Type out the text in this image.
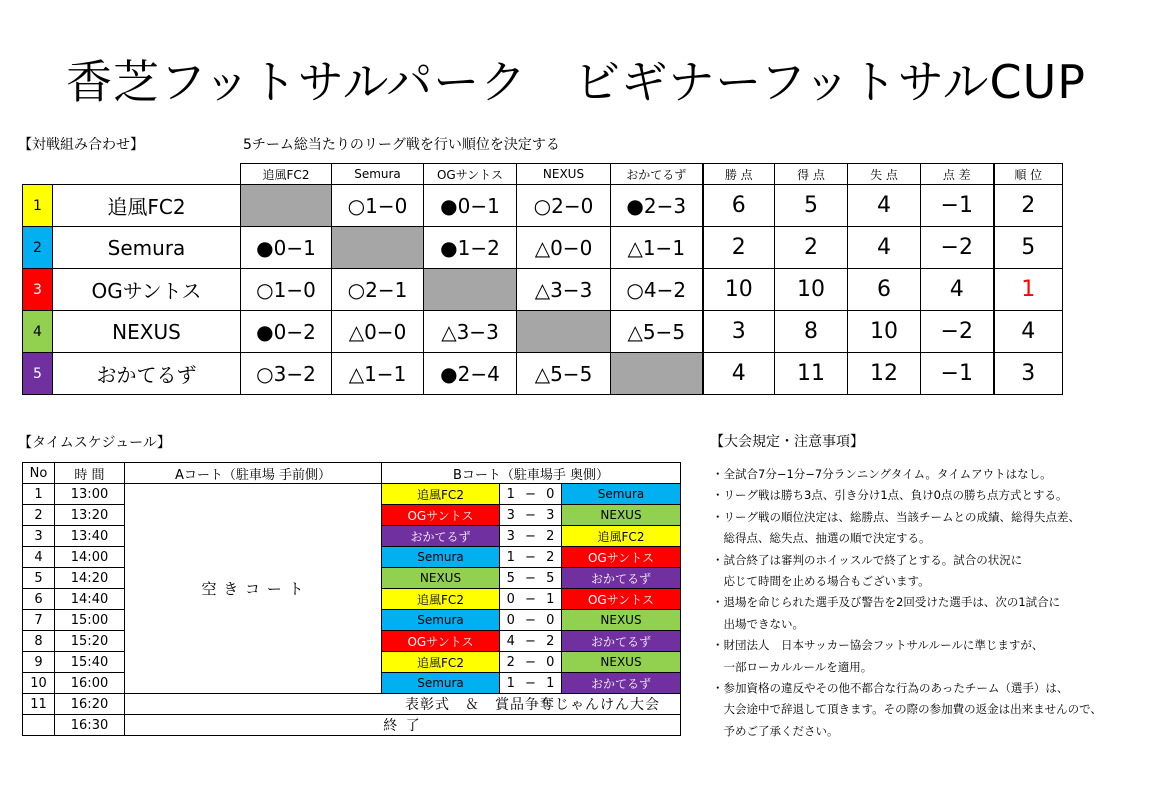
香芝フットサルパーク　ビギナーフットサルCUP
【対戦組み合わせ】	5チーム総当たりのリーグ戦を行い順位を決定する
		追風FC2	Semura	OGサントス	NEXUS	おかてるず	勝 点	得 点	失 点	点 差	順 位
1	追風FC2		○1−0	●0−1	○2−0	●2−3	6	5	4	−1	2
2	Semura	●0−1		●1−2	△0−0	△1−1	2	2	4	−2	5
3	OGサントス	○1−0	○2−1		△3−3	○4−2	10	10	6	4	1
4	NEXUS	●0−2	△0−0	△3−3		△5−5	3	8	10	−2	4
5	おかてるず	○3−2	△1−1	●2−4	△5−5		4	11	12	−1	3
【タイムスケジュール】
No	時 間	Aコート（駐車場 手前側）	Bコート（駐車場手 奥側）				
1	13:00	空 き コ ー ト	追風FC2	1	−	0	Semura
2	13:20		OGサントス	3	−	3	NEXUS
3	13:40		おかてるず	3	−	2	追風FC2
4	14:00		Semura	1	−	2	OGサントス
5	14:20		NEXUS	5	−	5	おかてるず
6	14:40		追風FC2	0	−	1	OGサントス
7	15:00		Semura	0	−	0	NEXUS
8	15:20		OGサントス	4	−	2	おかてるず
9	15:40		追風FC2	2	−	0	NEXUS
10	16:00		Semura	1	−	1	おかてるず
11	16:20	表彰式　＆　賞品争奪じゃんけん大会					
	16:30	終 了					
【大会規定・注意事項】
・全試合7分−1分−7分ランニングタイム。タイムアウトはなし。
・リーグ戦は勝ち3点、引き分け1点、負け0点の勝ち点方式とする。
・リーグ戦の順位決定は、総勝点、当該チームとの成績、総得失点差、
　総得点、総失点、抽選の順で決定する。
・試合終了は審判のホイッスルで終了とする。試合の状況に
　応じて時間を止める場合もございます。
・退場を命じられた選手及び警告を2回受けた選手は、次の1試合に
　出場できない。
・財団法人　日本サッカー協会フットサルルールに準じますが、
　一部ローカルルールを適用。
・参加資格の違反やその他不都合な行為のあったチーム（選手）は、
　大会途中で辞退して頂きます。その際の参加費の返金は出来ませんので、
　予めご了承ください。
